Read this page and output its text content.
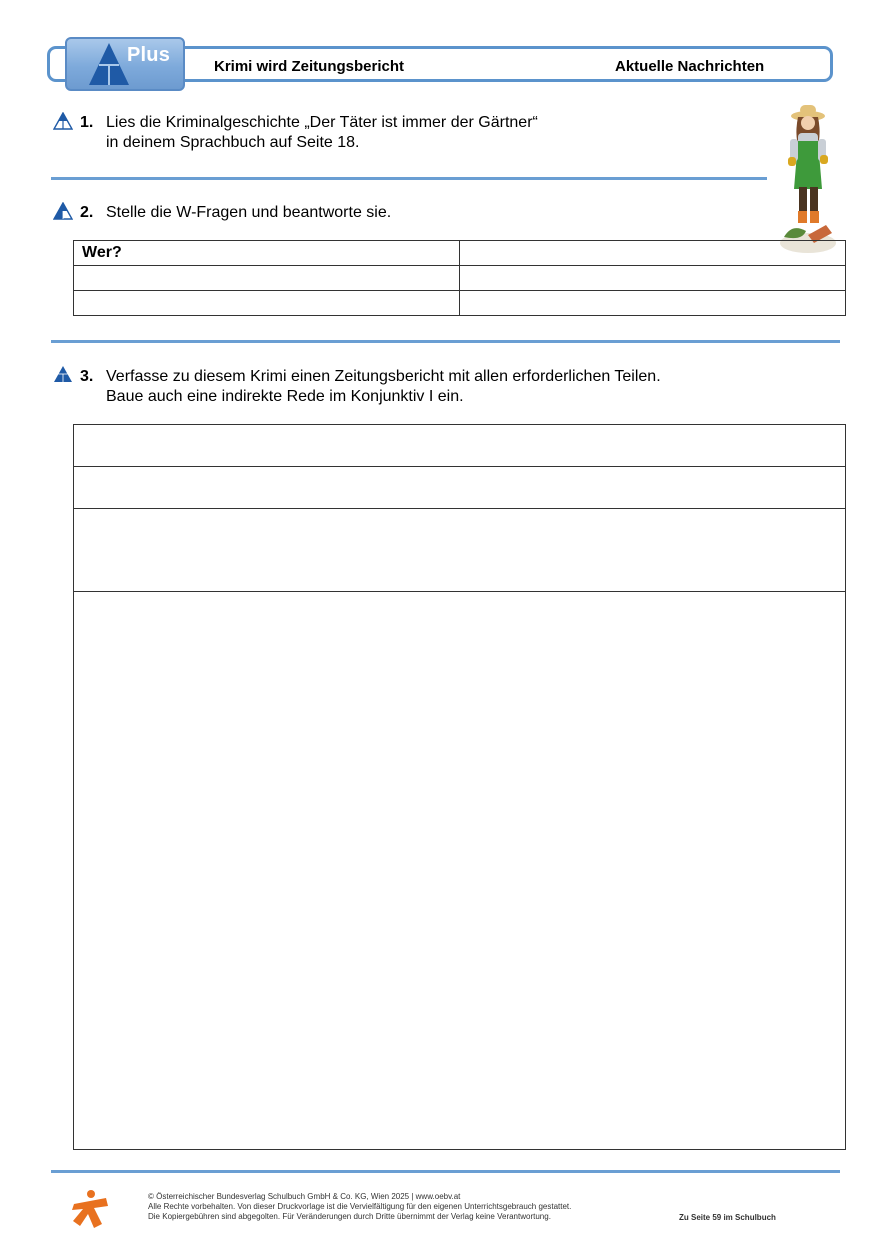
Plus
Krimi wird Zeitungsbericht	Aktuelle Nachrichten
1. Lies die Kriminalgeschichte „Der Täter ist immer der Gärtner“
in deinem Sprachbuch auf Seite 18.
2. Stelle die W-Fragen und beantworte sie.
Wer?	

3. Verfasse zu diesem Krimi einen Zeitungsbericht mit allen erforderlichen Teilen.
Baue auch eine indirekte Rede im Konjunktiv I ein.
© Österreichischer Bundesverlag Schulbuch GmbH & Co. KG, Wien 2025 | www.oebv.at
Alle Rechte vorbehalten. Von dieser Druckvorlage ist die Vervielfältigung für den eigenen Unterrichtsgebrauch gestattet.
Die Kopiergebühren sind abgegolten. Für Veränderungen durch Dritte übernimmt der Verlag keine Verantwortung.	Zu Seite 59 im Schulbuch
